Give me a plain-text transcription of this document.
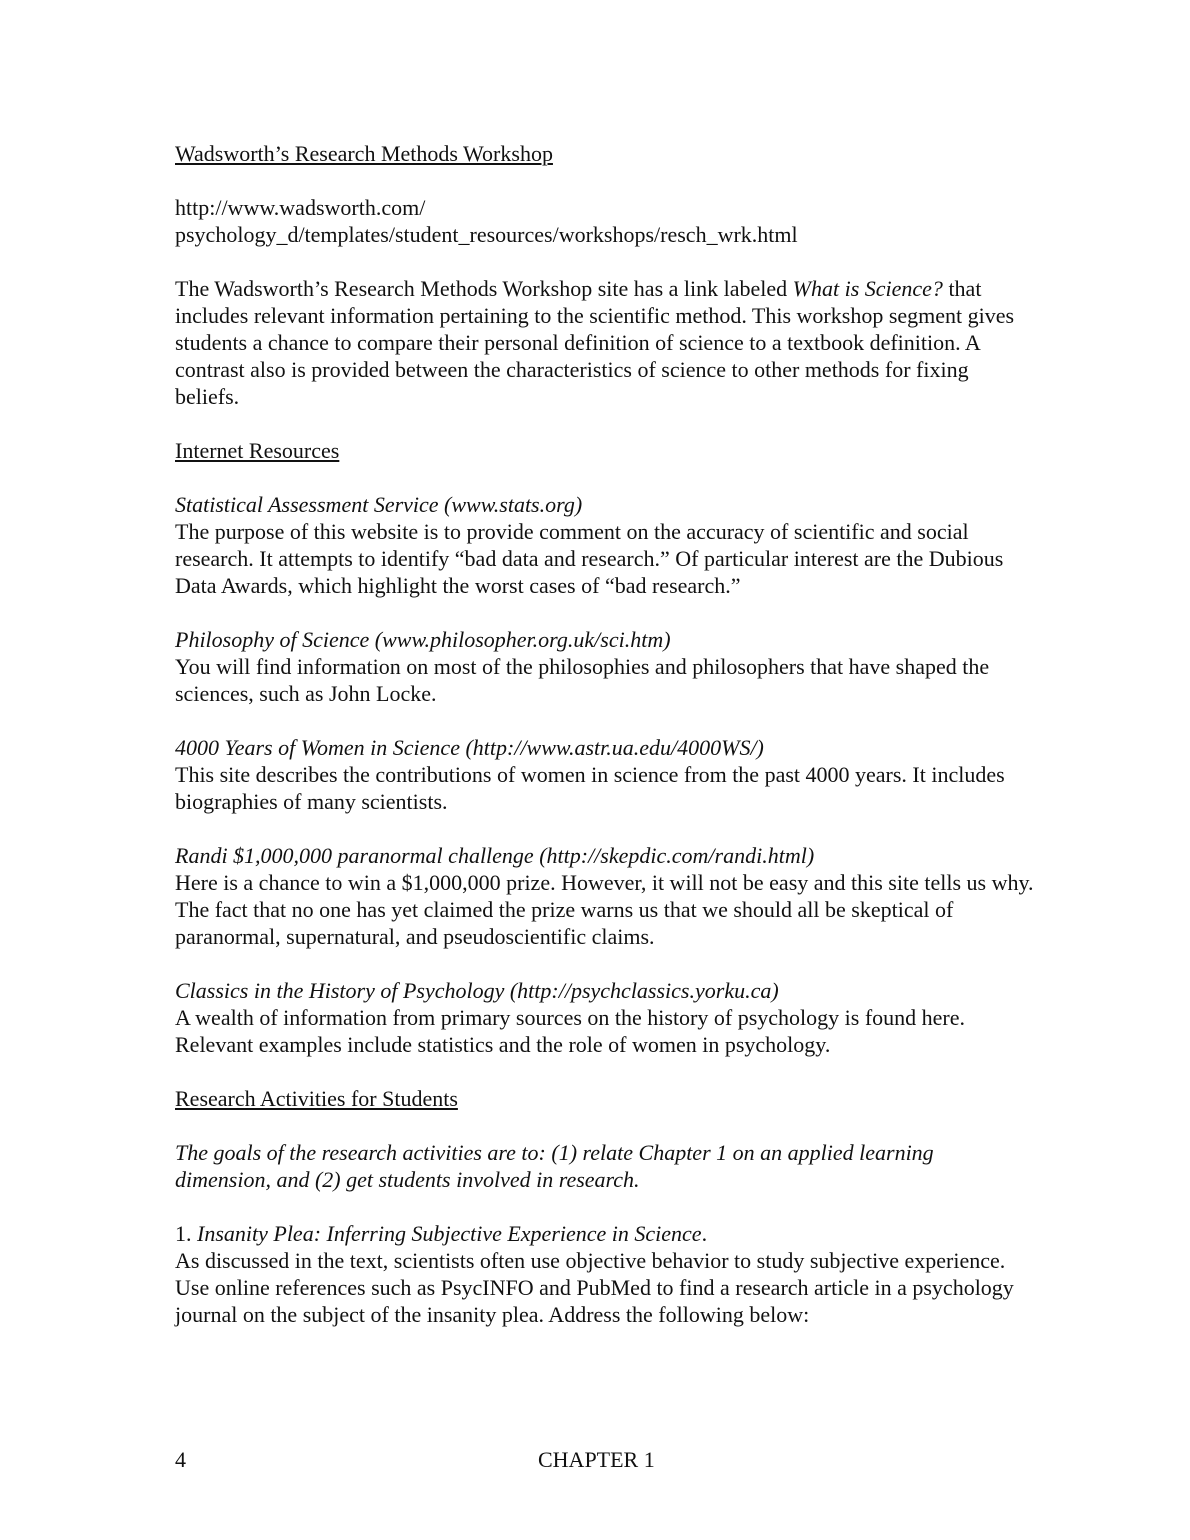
Wadsworth’s Research Methods Workshop

http://www.wadsworth.com/
psychology_d/templates/student_resources/workshops/resch_wrk.html

The Wadsworth’s Research Methods Workshop site has a link labeled What is Science? that includes relevant information pertaining to the scientific method. This workshop segment gives students a chance to compare their personal definition of science to a textbook definition. A contrast also is provided between the characteristics of science to other methods for fixing beliefs.

Internet Resources

Statistical Assessment Service (www.stats.org)
The purpose of this website is to provide comment on the accuracy of scientific and social research. It attempts to identify “bad data and research.” Of particular interest are the Dubious Data Awards, which highlight the worst cases of “bad research.”

Philosophy of Science (www.philosopher.org.uk/sci.htm)
You will find information on most of the philosophies and philosophers that have shaped the sciences, such as John Locke.

4000 Years of Women in Science (http://www.astr.ua.edu/4000WS/)
This site describes the contributions of women in science from the past 4000 years. It includes biographies of many scientists.

Randi $1,000,000 paranormal challenge (http://skepdic.com/randi.html)
Here is a chance to win a $1,000,000 prize. However, it will not be easy and this site tells us why. The fact that no one has yet claimed the prize warns us that we should all be skeptical of paranormal, supernatural, and pseudoscientific claims.

Classics in the History of Psychology (http://psychclassics.yorku.ca)
A wealth of information from primary sources on the history of psychology is found here. Relevant examples include statistics and the role of women in psychology.

Research Activities for Students

The goals of the research activities are to: (1) relate Chapter 1 on an applied learning dimension, and (2) get students involved in research.

1. Insanity Plea: Inferring Subjective Experience in Science.
As discussed in the text, scientists often use objective behavior to study subjective experience. Use online references such as PsycINFO and PubMed to find a research article in a psychology journal on the subject of the insanity plea. Address the following below:

4	CHAPTER 1
